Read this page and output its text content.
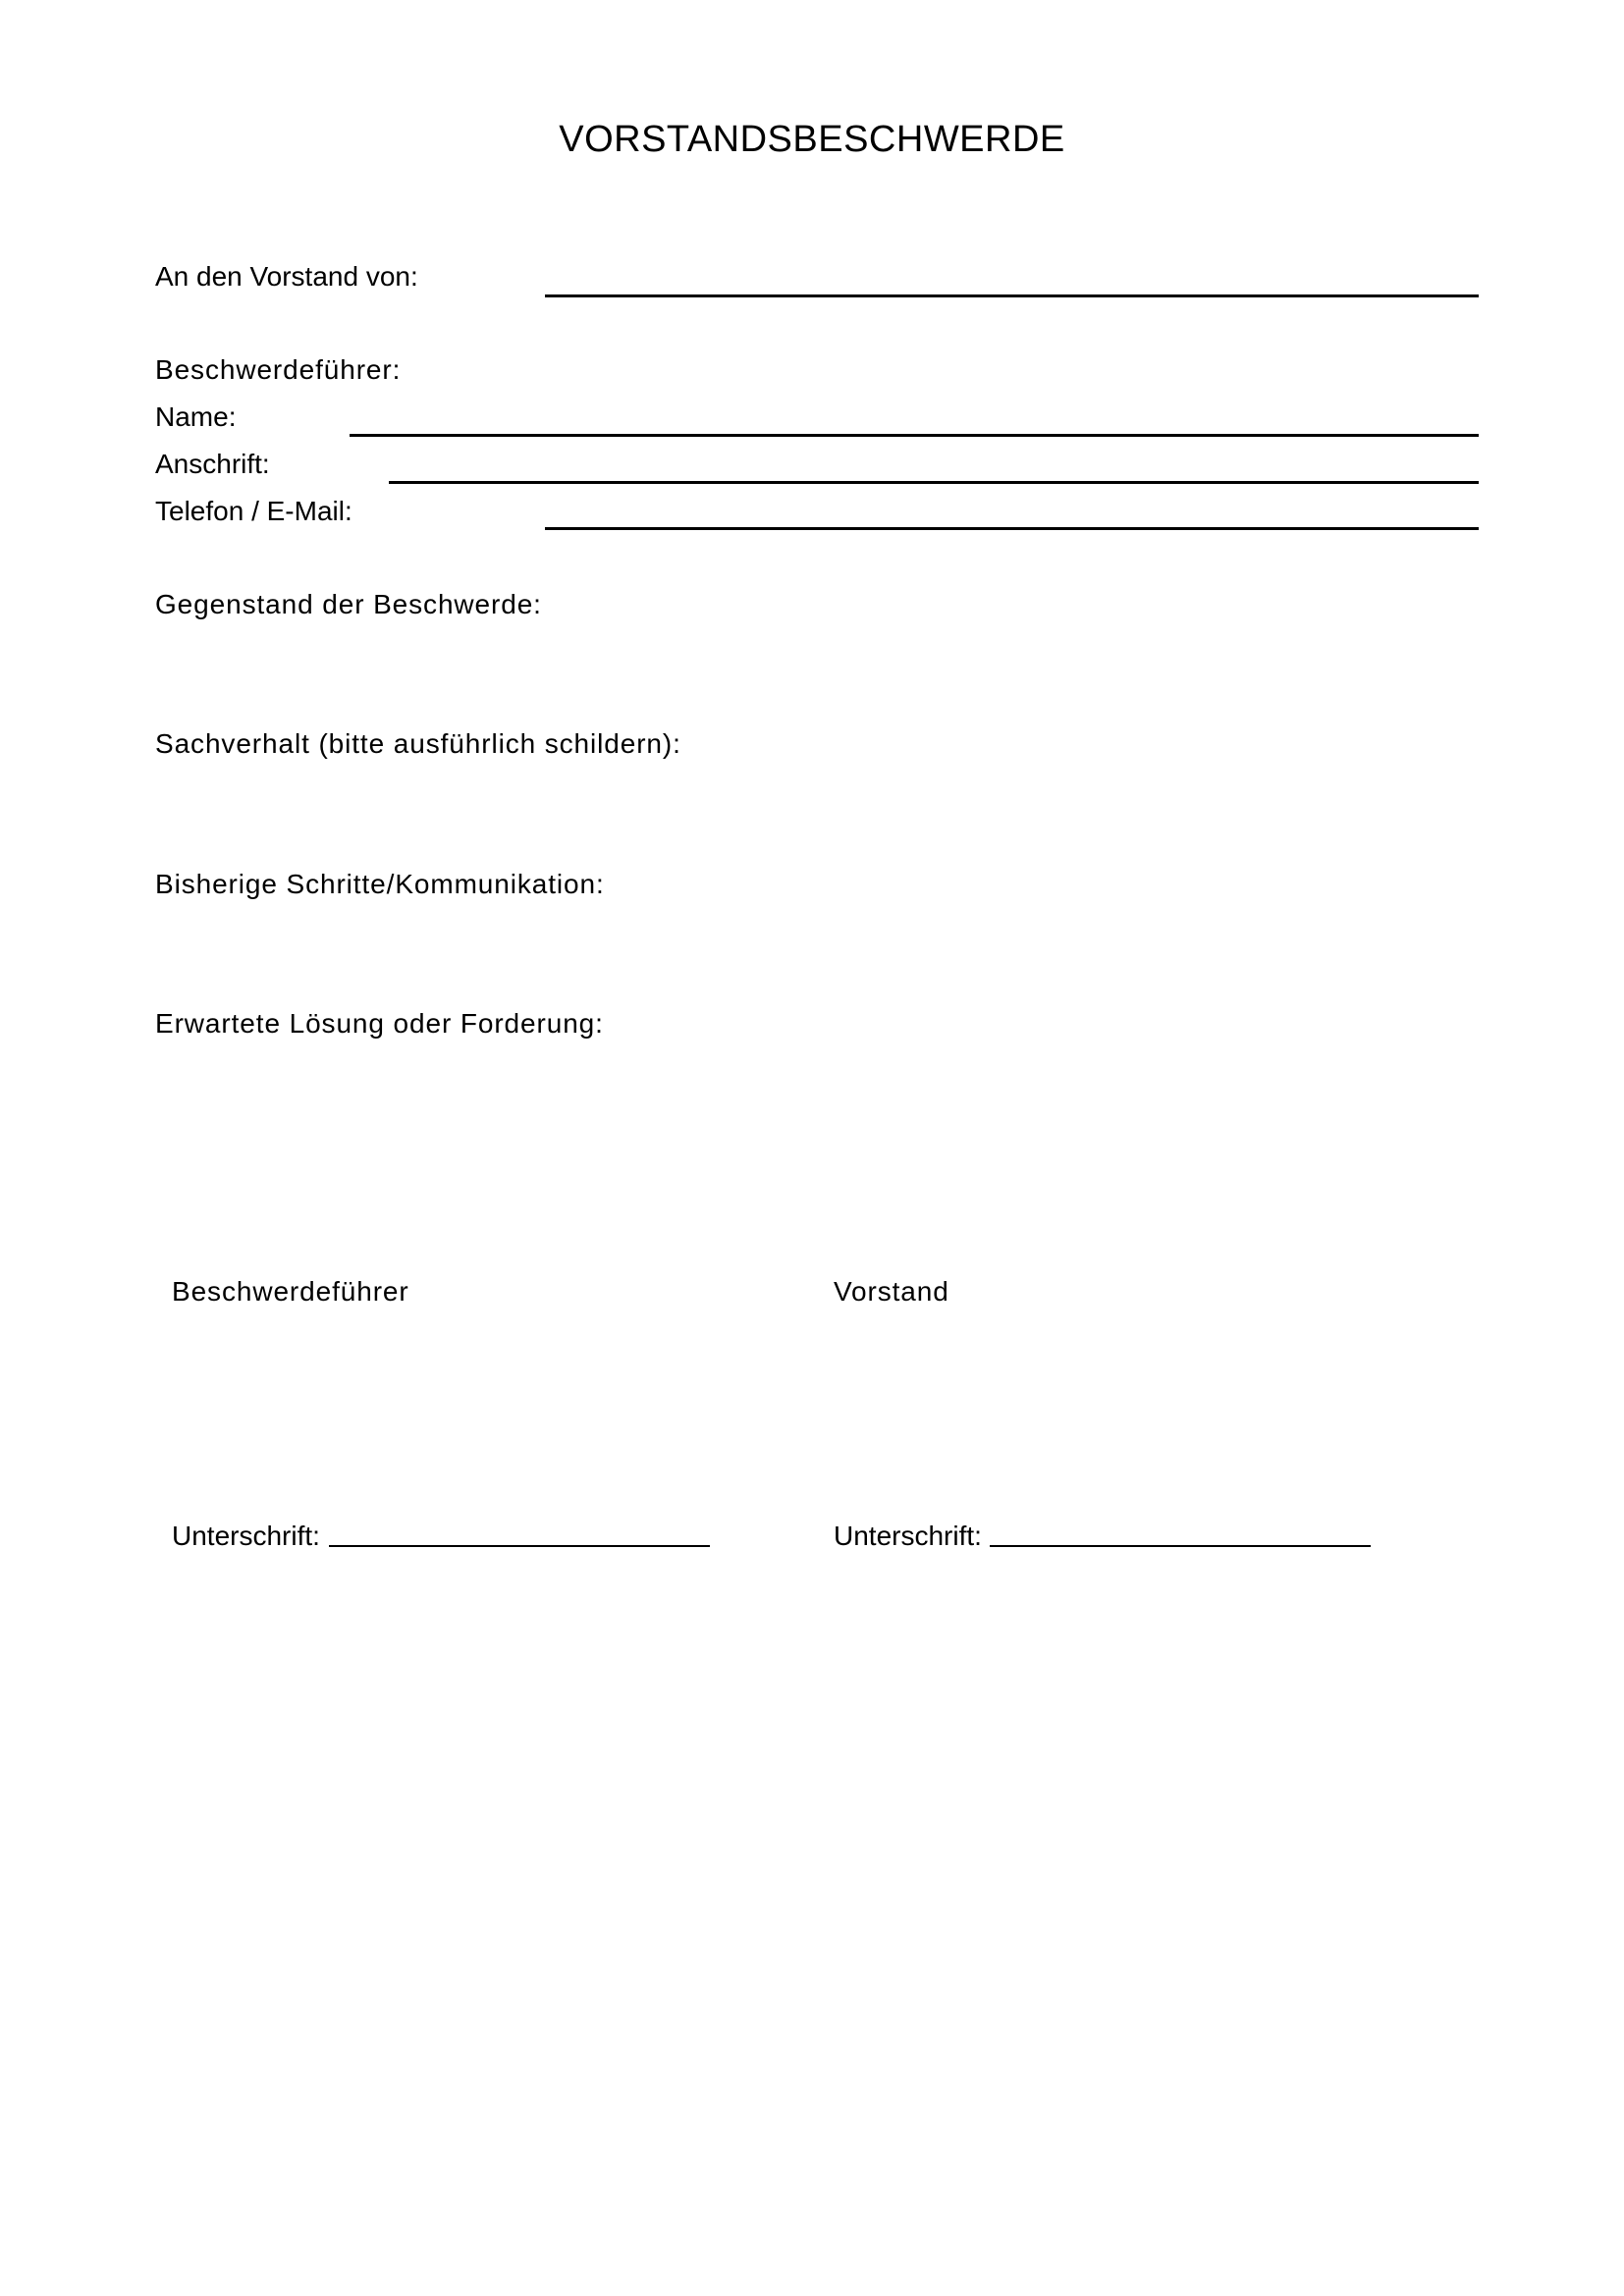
VORSTANDSBESCHWERDE
An den Vorstand von:
Beschwerdeführer:
Name:
Anschrift:
Telefon / E-Mail:
Gegenstand der Beschwerde:
Sachverhalt (bitte ausführlich schildern):
Bisherige Schritte/Kommunikation:
Erwartete Lösung oder Forderung:
Beschwerdeführer	Vorstand
Unterschrift:	Unterschrift:
